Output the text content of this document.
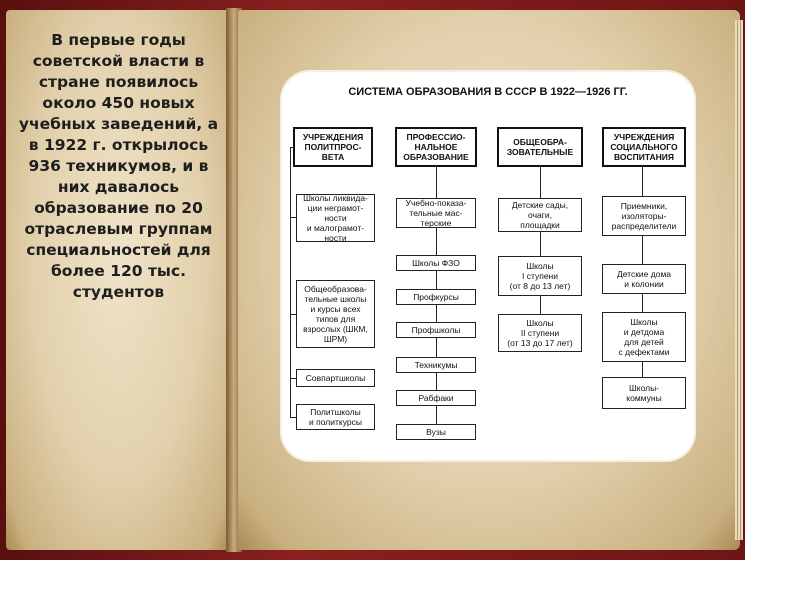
В первые годы советской власти в стране появилось около 450 новых учебных заведений, а в 1922 г. открылось 936 техникумов, и в них давалось образование по 20 отраслевым группам специальностей для более 120 тыс. студентов
СИСТЕМА ОБРАЗОВАНИЯ В СССР В 1922—1926 ГГ.
УЧРЕЖДЕНИЯ
ПОЛИТПРОС-
ВЕТА
Школы ликвида-
ции неграмот-
ности
и малограмот-
ности
Общеобразова-
тельные школы
и курсы всех
типов для
взрослых (ШКМ,
ШРМ)
Совпартшколы
Политшколы
и политкурсы
ПРОФЕССИО-
НАЛЬНОЕ
ОБРАЗОВАНИЕ
Учебно-показа-
тельные мас-
терские
Школы ФЗО
Профкурсы
Профшколы
Техникумы
Рабфаки
Вузы
ОБЩЕОБРА-
ЗОВАТЕЛЬНЫЕ
Детские сады,
очаги,
площадки
Школы
I ступени
(от 8 до 13 лет)
Школы
II ступени
(от 13 до 17 лет)
УЧРЕЖДЕНИЯ
СОЦИАЛЬНОГО
ВОСПИТАНИЯ
Приемники,
изоляторы-
распределители
Детские дома
и колонии
Школы
и детдома
для детей
с дефектами
Школы-
коммуны
